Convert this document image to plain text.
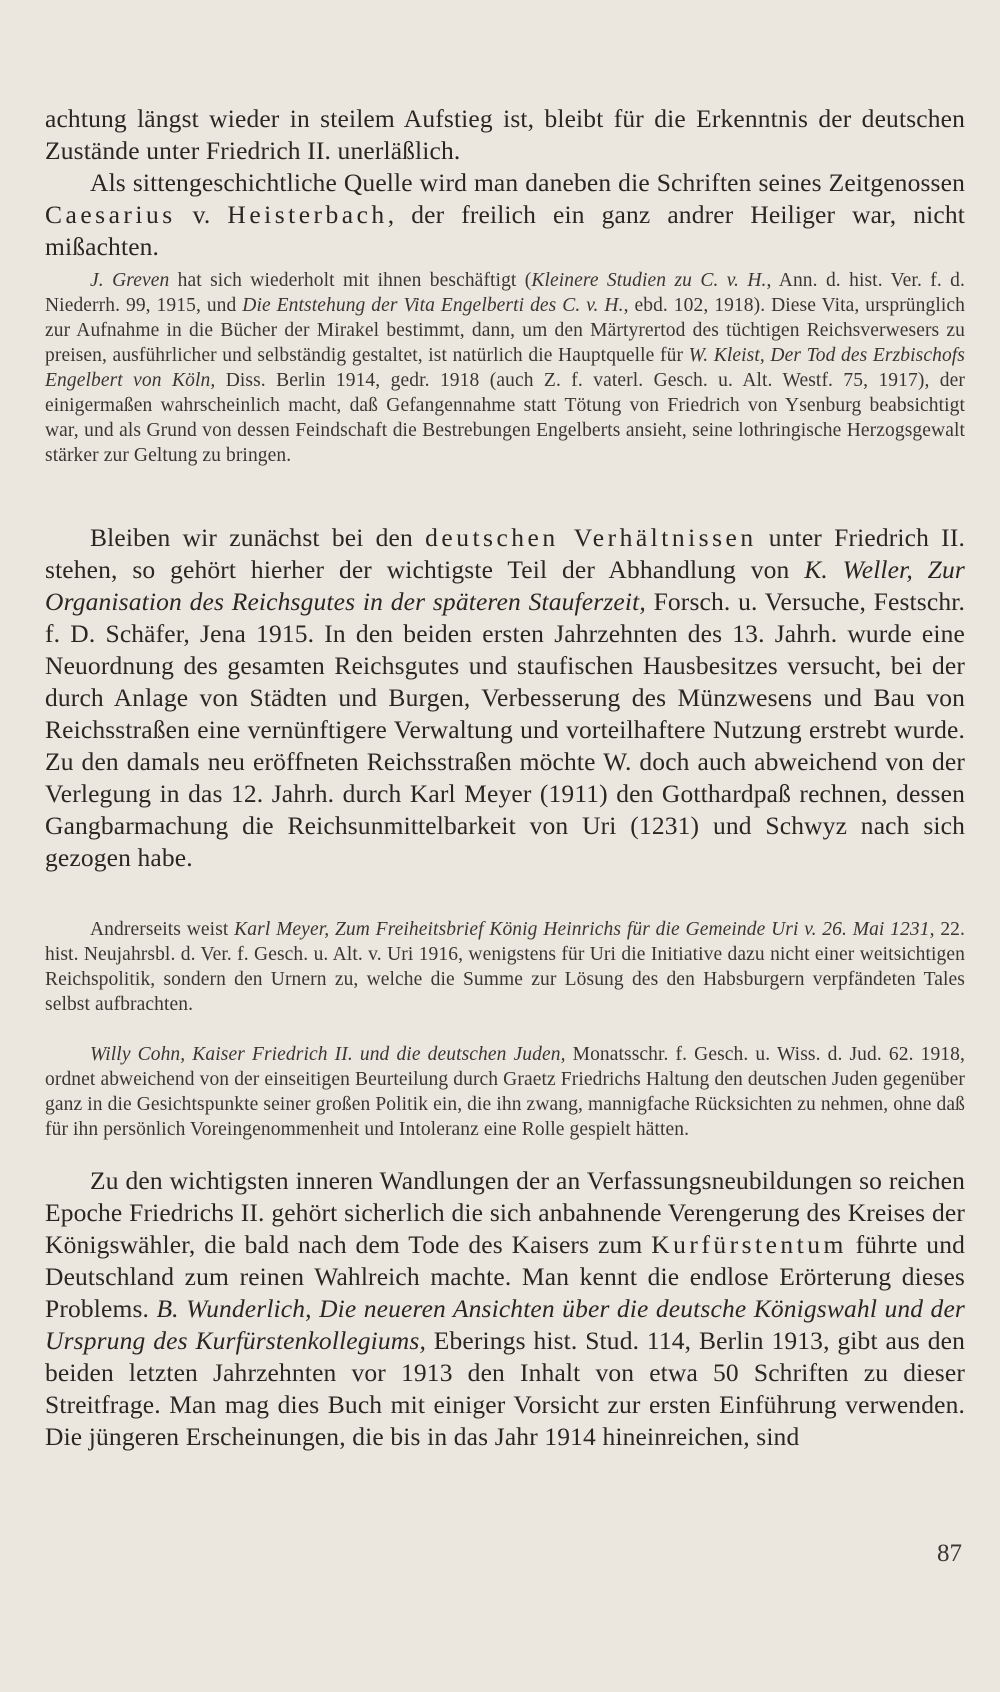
achtung längst wieder in steilem Aufstieg ist, bleibt für die Erkenntnis der deutschen Zustände unter Friedrich II. unerläßlich.
Als sittengeschichtliche Quelle wird man daneben die Schriften seines Zeitgenossen Caesarius v. Heisterbach, der freilich ein ganz andrer Heiliger war, nicht mißachten.
J. Greven hat sich wiederholt mit ihnen beschäftigt (Kleinere Studien zu C. v. H., Ann. d. hist. Ver. f. d. Niederrh. 99, 1915, und Die Entstehung der Vita Engelberti des C. v. H., ebd. 102, 1918). Diese Vita, ursprünglich zur Aufnahme in die Bücher der Mirakel bestimmt, dann, um den Märtyrertod des tüchtigen Reichsverwesers zu preisen, ausführlicher und selbständig gestaltet, ist natürlich die Hauptquelle für W. Kleist, Der Tod des Erzbischofs Engelbert von Köln, Diss. Berlin 1914, gedr. 1918 (auch Z. f. vaterl. Gesch. u. Alt. Westf. 75, 1917), der einigermaßen wahrscheinlich macht, daß Gefangennahme statt Tötung von Friedrich von Ysenburg beabsichtigt war, und als Grund von dessen Feindschaft die Bestrebungen Engelberts ansieht, seine lothringische Herzogsgewalt stärker zur Geltung zu bringen.
Bleiben wir zunächst bei den deutschen Verhältnissen unter Friedrich II. stehen, so gehört hierher der wichtigste Teil der Abhandlung von K. Weller, Zur Organisation des Reichsgutes in der späteren Stauferzeit, Forsch. u. Versuche, Festschr. f. D. Schäfer, Jena 1915. In den beiden ersten Jahrzehnten des 13. Jahrh. wurde eine Neuordnung des gesamten Reichsgutes und staufischen Hausbesitzes versucht, bei der durch Anlage von Städten und Burgen, Verbesserung des Münzwesens und Bau von Reichsstraßen eine vernünftigere Verwaltung und vorteilhaftere Nutzung erstrebt wurde. Zu den damals neu eröffneten Reichsstraßen möchte W. doch auch abweichend von der Verlegung in das 12. Jahrh. durch Karl Meyer (1911) den Gotthardpaß rechnen, dessen Gangbarmachung die Reichsunmittelbarkeit von Uri (1231) und Schwyz nach sich gezogen habe.
Andrerseits weist Karl Meyer, Zum Freiheitsbrief König Heinrichs für die Gemeinde Uri v. 26. Mai 1231, 22. hist. Neujahrsbl. d. Ver. f. Gesch. u. Alt. v. Uri 1916, wenigstens für Uri die Initiative dazu nicht einer weitsichtigen Reichspolitik, sondern den Urnern zu, welche die Summe zur Lösung des den Habsburgern verpfändeten Tales selbst aufbrachten.
Willy Cohn, Kaiser Friedrich II. und die deutschen Juden, Monatsschr. f. Gesch. u. Wiss. d. Jud. 62. 1918, ordnet abweichend von der einseitigen Beurteilung durch Graetz Friedrichs Haltung den deutschen Juden gegenüber ganz in die Gesichtspunkte seiner großen Politik ein, die ihn zwang, mannigfache Rücksichten zu nehmen, ohne daß für ihn persönlich Voreingenommenheit und Intoleranz eine Rolle gespielt hätten.
Zu den wichtigsten inneren Wandlungen der an Verfassungsneubildungen so reichen Epoche Friedrichs II. gehört sicherlich die sich anbahnende Verengerung des Kreises der Königswähler, die bald nach dem Tode des Kaisers zum Kurfürstentum führte und Deutschland zum reinen Wahlreich machte. Man kennt die endlose Erörterung dieses Problems. B. Wunderlich, Die neueren Ansichten über die deutsche Königswahl und der Ursprung des Kurfürstenkollegiums, Eberings hist. Stud. 114, Berlin 1913, gibt aus den beiden letzten Jahrzehnten vor 1913 den Inhalt von etwa 50 Schriften zu dieser Streitfrage. Man mag dies Buch mit einiger Vorsicht zur ersten Einführung verwenden. Die jüngeren Erscheinungen, die bis in das Jahr 1914 hineinreichen, sind
87
